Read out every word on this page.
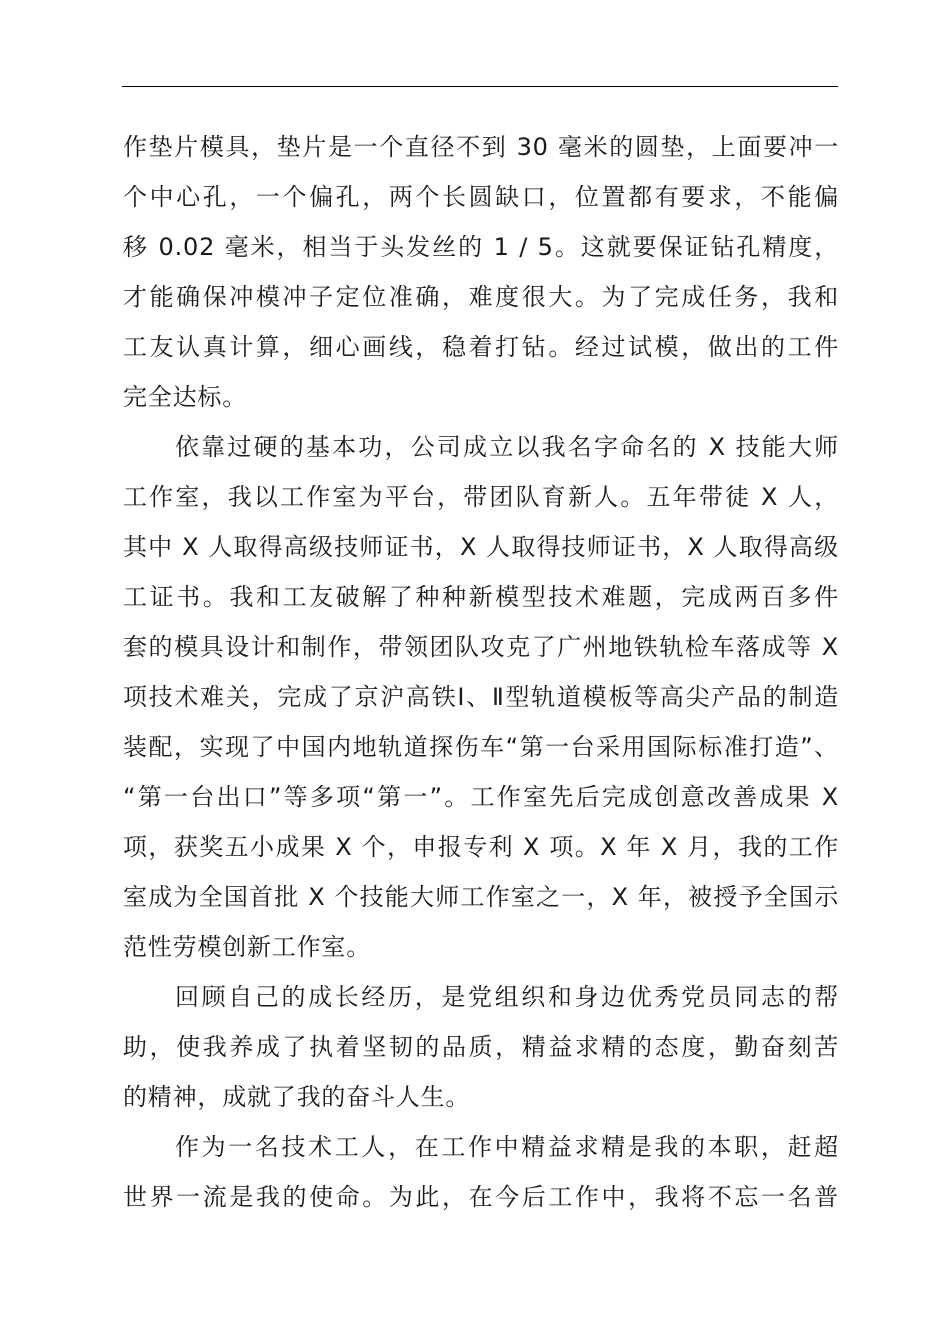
作垫片模具，垫片是一个直径不到 30 毫米的圆垫，上面要冲一
个中心孔，一个偏孔，两个长圆缺口，位置都有要求，不能偏
移 0.02 毫米，相当于头发丝的 1 / 5。这就要保证钻孔精度，
才能确保冲模冲子定位准确，难度很大。为了完成任务，我和
工友认真计算，细心画线，稳着打钻。经过试模，做出的工件
完全达标。
依靠过硬的基本功，公司成立以我名字命名的 X 技能大师
工作室，我以工作室为平台，带团队育新人。五年带徒 X 人，
其中 X 人取得高级技师证书，X 人取得技师证书，X 人取得高级
工证书。我和工友破解了种种新模型技术难题，完成两百多件
套的模具设计和制作，带领团队攻克了广州地铁轨检车落成等 X
项技术难关，完成了京沪高铁Ⅰ、Ⅱ型轨道模板等高尖产品的制造
装配，实现了中国内地轨道探伤车“第一台采用国际标准打造”、
“第一台出口”等多项“第一”。工作室先后完成创意改善成果 X
项，获奖五小成果 X 个，申报专利 X 项。X 年 X 月，我的工作
室成为全国首批 X 个技能大师工作室之一，X 年，被授予全国示
范性劳模创新工作室。
回顾自己的成长经历，是党组织和身边优秀党员同志的帮
助，使我养成了执着坚韧的品质，精益求精的态度，勤奋刻苦
的精神，成就了我的奋斗人生。
作为一名技术工人，在工作中精益求精是我的本职，赶超
世界一流是我的使命。为此，在今后工作中，我将不忘一名普
